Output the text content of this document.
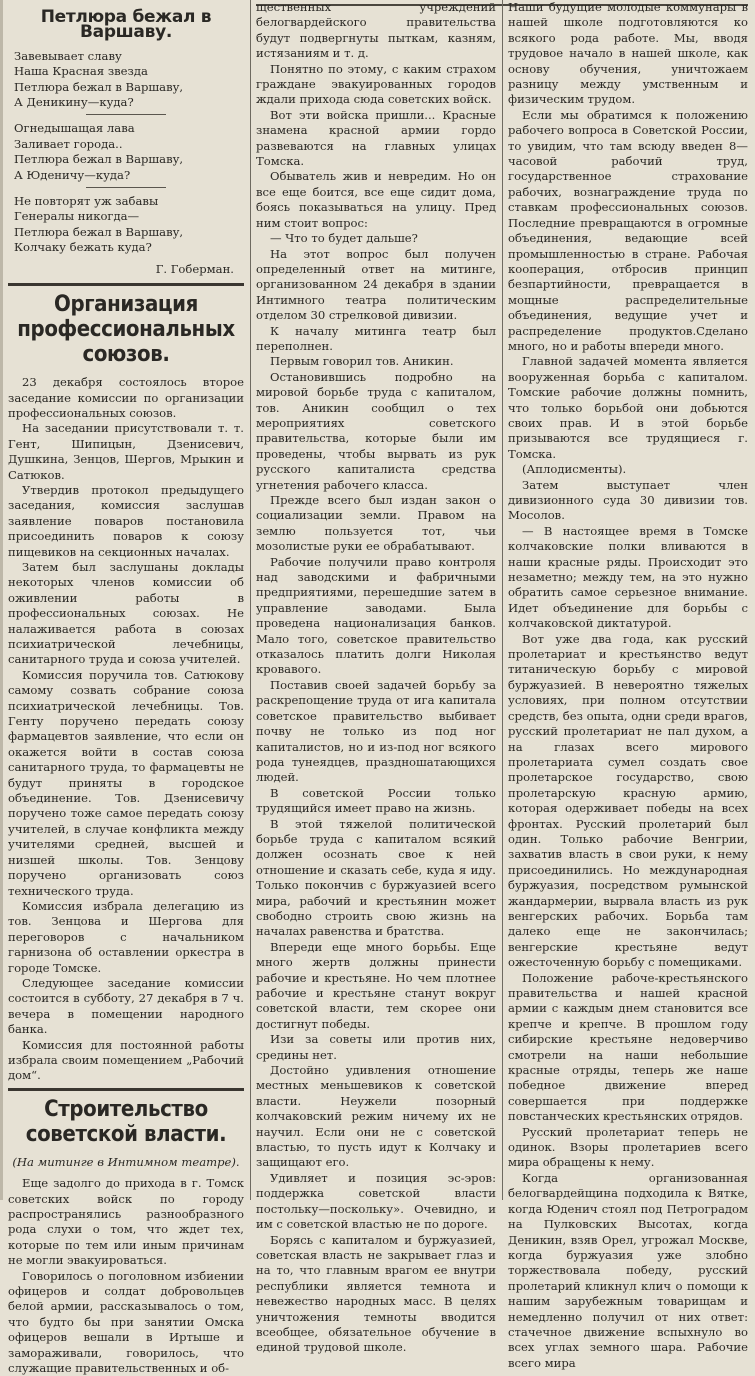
Петлюра бежал в Варшаву.
Завевывает славу
Наша Красная звезда
Петлюра бежал в Варшаву,
А Деникину—куда?
Огнедышащая лава
Заливает города..
Петлюра бежал в Варшаву,
А Юденичу—куда?
Не повторят уж забавы
Генералы никогда—
Петлюра бежал в Варшаву,
Колчаку бежать куда?
Г. Гоберман.
Организация профессиональных союзов.

23 декабря состоялось второе заседание комиссии по организации профессиональных союзов.

На заседании присутствовали т. т. Гент, Шипицын, Дзенисевич, Душкина, Зенцов, Шергов, Мрыкин и Сатюков.

Утвердив протокол предыдущего заседания, комиссия заслушав заявление поваров постановила присоединить поваров к союзу пищевиков на секционных началах.

Затем был заслушаны доклады некоторых членов комиссии об оживлении работы в профессиональных союзах. Не налаживается работа в союзах психиатрической лечебницы, санитарного труда и союза учителей.

Комиссия поручила тов. Сатюкову самому созвать собрание союза психиатрической лечебницы. Тов. Генту поручено передать союзу фармацевтов заявление, что если он окажется войти в состав союза санитарного труда, то фармацевты не будут приняты в городское объединение. Тов. Дзенисевичу поручено тоже самое передать союзу учителей, в случае конфликта между учителями средней, высшей и низшей школы. Тов. Зенцову поручено организовать союз технического труда.

Комиссия избрала делегацию из тов. Зенцова и Шергова для переговоров с начальником гарнизона об оставлении оркестра в городе Томске.

Следующее заседание комиссии состоится в субботу, 27 декабря в 7 ч. вечера в помещении народного банка.

Комиссия для постоянной работы избрала своим помещением „Рабочий дом“.

Строительство советской власти.
(На митинге в Интимном театре).

Еще задолго до прихода в г. Томск советских войск по городу распространялись разнообразного рода слухи о том, что ждет тех, которые по тем или иным причинам не могли эвакуироваться.

Говорилось о поголовном избиении офицеров и солдат добровольцев белой армии, рассказывалось о том, что будто бы при занятии Омска офицеров вешали в Иртыше и замораживали, говорилось, что служащие правительственных и об-

щественных учреждений белогвардейского правительства будут подвергнуты пыткам, казням, истязаниям и т. д.

Понятно по этому, с каким страхом граждане эвакуированных городов ждали прихода сюда советских войск.

Вот эти войска пришли... Красные знамена красной армии гордо развеваются на главных улицах Томска.

Обыватель жив и невредим. Но он все еще боится, все еще сидит дома, боясь показываться на улицу. Пред ним стоит вопрос:

— Что то будет дальше?

На этот вопрос был получен определенный ответ на митинге, организованном 24 декабря в здании Интимного театра политическим отделом 30 стрелковой дивизии.

К началу митинга театр был переполнен.

Первым говорил тов. Аникин.

Остановившись подробно на мировой борьбе труда с капиталом, тов. Аникин сообщил о тех мероприятиях советского правительства, которые были им проведены, чтобы вырвать из рук русского капиталиста средства угнетения рабочего класса.

Прежде всего был издан закон о социализации земли. Правом на землю пользуется тот, чьи мозолистые руки ее обрабатывают.

Рабочие получили право контроля над заводскими и фабричными предприятиями, перешедшие затем в управление заводами. Была проведена национализация банков. Мало того, советское правительство отказалось платить долги Николая кровавого.

Поставив своей задачей борьбу за раскрепощение труда от ига капитала советское правительство выбивает почву не только из под ног капиталистов, но и из-под ног всякого рода тунеядцев, праздношатающихся людей.

В советской России только трудящийся имеет право на жизнь.

В этой тяжелой политической борьбе труда с капиталом всякий должен осознать свое к ней отношение и сказать себе, куда я иду. Только покончив с буржуазией всего мира, рабочий и крестьянин может свободно строить свою жизнь на началах равенства и братства.

Впереди еще много борьбы. Еще много жертв должны принести рабочие и крестьяне. Но чем плотнее рабочие и крестьяне станут вокруг советской власти, тем скорее они достигнут победы.

Изи за советы или против них, средины нет.

Достойно удивления отношение местных меньшевиков к советской власти. Неужели позорный колчаковский режим ничему их не научил. Если они не с советской властью, то пусть идут к Колчаку и защищают его.

Удивляет и позиция эс-эров: поддержка советской власти постольку—поскольку». Очевидно, и им с советской властью не по дороге.

Борясь с капиталом и буржуазией, советская власть не закрывает глаз и на то, что главным врагом ее внутри республики является темнота и невежество народных масс. В целях уничтожения темноты вводится всеобщее, обязательное обучение в единой трудовой школе.

Наши будущие молодые коммунары в нашей школе подготовляются ко всякого рода работе. Мы, вводя трудовое начало в нашей школе, как основу обучения, уничтожаем разницу между умственным и физическим трудом.

Если мы обратимся к положению рабочего вопроса в Советской России, то увидим, что там всюду введен 8—часовой рабочий труд, государственное страхование рабочих, вознаграждение труда по ставкам профессиональных союзов. Последние превращаются в огромные объединения, ведающие всей промышленностью в стране. Рабочая кооперация, отбросив принцип безпартийности, превращается в мощные распределительные объединения, ведущие учет и распределение продуктов.Сделано много, но и работы впереди много.

Главной задачей момента является вооруженная борьба с капиталом. Томские рабочие должны помнить, что только борьбой они добьются своих прав. И в этой борьбе призываются все трудящиеся г. Томска.

(Аплодисменты).

Затем выступает член дивизионного суда 30 дивизии тов. Мосолов.

— В настоящее время в Томске колчаковские полки вливаются в наши красные ряды. Происходит это незаметно; между тем, на это нужно обратить самое серьезное внимание. Идет объединение для борьбы с колчаковской диктатурой.

Вот уже два года, как русский пролетариат и крестьянство ведут титаническую борьбу с мировой буржуазией. В невероятно тяжелых условиях, при полном отсутствии средств, без опыта, одни среди врагов, русский пролетариат не пал духом, а на глазах всего мирового пролетариата сумел создать свое пролетарское государство, свою пролетарскую красную армию, которая одерживает победы на всех фронтах. Русский пролетарий был один. Только рабочие Венгрии, захватив власть в свои руки, к нему присоединились. Но международная буржуазия, посредством румынской жандармерии, вырвала власть из рук венгерских рабочих. Борьба там далеко еще не закончилась; венгерские крестьяне ведут ожесточенную борьбу с помещиками.

Положение рабоче-крестьянского правительства и нашей красной армии с каждым днем становится все крепче и крепче. В прошлом году сибирские крестьяне недоверчиво смотрели на наши небольшие красные отряды, теперь же наше победное движение вперед совершается при поддержке повстанческих крестьянских отрядов.

Русский пролетариат теперь не одинок. Взоры пролетариев всего мира обращены к нему.

Когда организованная белогвардейщина подходила к Вятке, когда Юденич стоял под Петроградом на Пулковских Высотах, когда Деникин, взяв Орел, угрожал Москве, когда буржуазия уже злобно торжествовала победу, русский пролетарий кликнул клич о помощи к нашим зарубежным товарищам и немедленно получил от них ответ: стачечное движение вспыхнуло во всех углах земного шара. Рабочие всего мира
